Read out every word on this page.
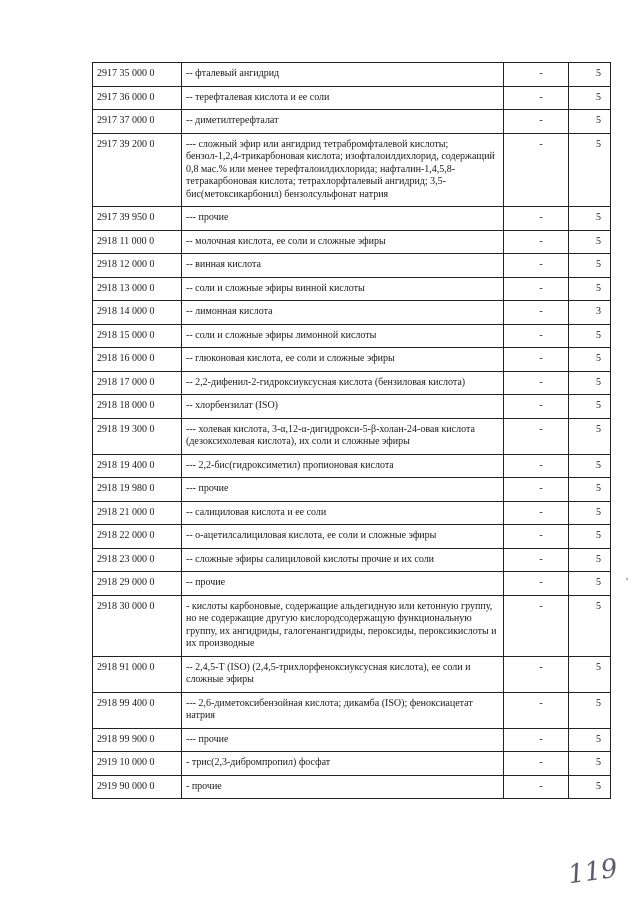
2917 35 000 0	-- фталевый ангидрид	-	5
2917 36 000 0	-- терефталевая кислота и ее соли	-	5
2917 37 000 0	-- диметилтерефталат	-	5
2917 39 200 0	--- сложный эфир или ангидрид тетрабромфталевой кислоты; бензол-1,2,4-трикарбоновая кислота; изофталоилдихлорид, содержащий 0,8 мас.% или менее терефталоилдихлорида; нафталин-1,4,5,8-тетракарбоновая кислота; тетрахлорфталевый ангидрид; 3,5-бис(метоксикарбонил) бензолсульфонат натрия	-	5
2917 39 950 0	--- прочие	-	5
2918 11 000 0	-- молочная кислота, ее соли и сложные эфиры	-	5
2918 12 000 0	-- винная кислота	-	5
2918 13 000 0	-- соли и сложные эфиры винной кислоты	-	5
2918 14 000 0	-- лимонная кислота	-	3
2918 15 000 0	-- соли и сложные эфиры лимонной кислоты	-	5
2918 16 000 0	-- глюконовая кислота, ее соли и сложные эфиры	-	5
2918 17 000 0	-- 2,2-дифенил-2-гидроксиуксусная кислота (бензиловая кислота)	-	5
2918 18 000 0	-- хлорбензилат (ISO)	-	5
2918 19 300 0	--- холевая кислота, 3-α,12-α-дигидрокси-5-β-холан-24-овая кислота (дезоксихолевая кислота), их соли и сложные эфиры	-	5
2918 19 400 0	--- 2,2-бис(гидроксиметил) пропионовая кислота	-	5
2918 19 980 0	--- прочие	-	5
2918 21 000 0	-- салициловая кислота и ее соли	-	5
2918 22 000 0	-- о-ацетилсалициловая кислота, ее соли и сложные эфиры	-	5
2918 23 000 0	-- сложные эфиры салициловой кислоты прочие и их соли	-	5
2918 29 000 0	-- прочие	-	5
2918 30 000 0	- кислоты карбоновые, содержащие альдегидную или кетонную группу, но не содержащие другую кислородсодержащую функциональную группу, их ангидриды, галогенангидриды, пероксиды, пероксикислоты и их производные	-	5
2918 91 000 0	-- 2,4,5-Т (ISO) (2,4,5-трихлорфеноксиуксусная кислота), ее соли и сложные эфиры	-	5
2918 99 400 0	--- 2,6-диметоксибензойная кислота; дикамба (ISO); феноксиацетат натрия	-	5
2918 99 900 0	--- прочие	-	5
2919 10 000 0	- трис(2,3-дибромпропил) фосфат	-	5
2919 90 000 0	- прочие	-	5
119
